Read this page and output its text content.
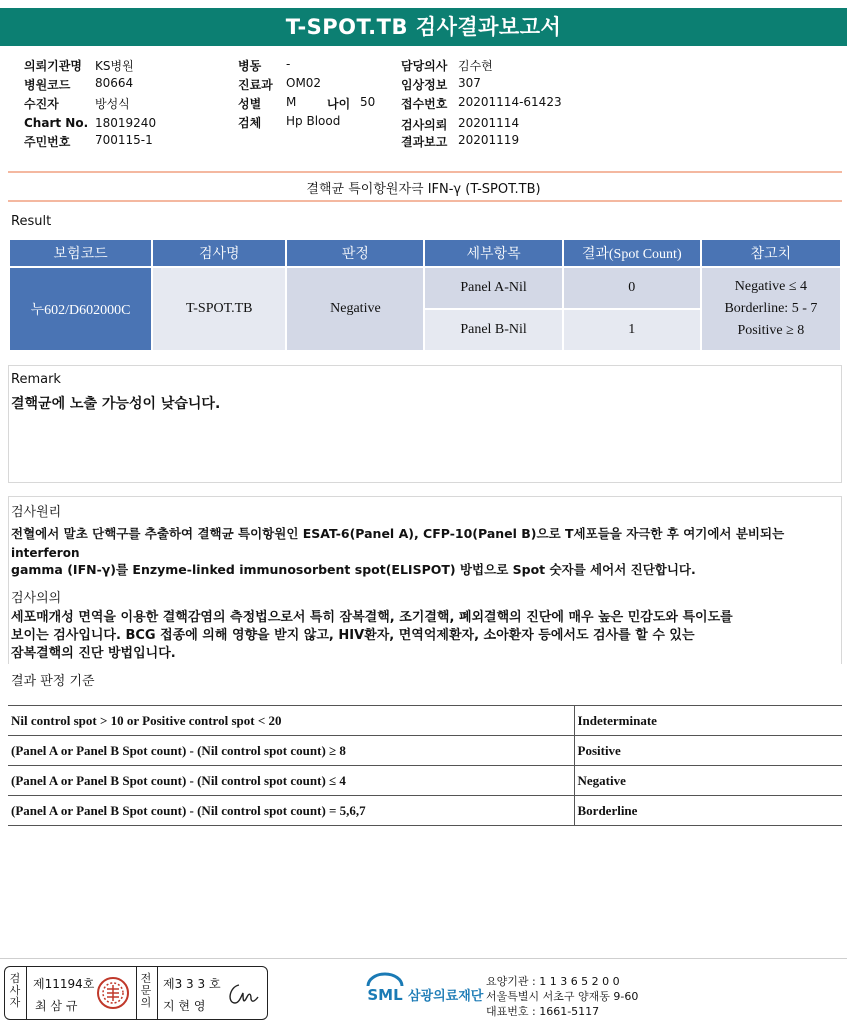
T-SPOT.TB 검사결과보고서
의뢰기관명 KS병원
병원코드 80664
수진자	방성식
Chart No. 18019240
주민번호 700115-1
병동 -
진료과 OM02
성별 M	나이 50
검체 Hp Blood
담당의사 김수현
임상정보 307
접수번호 20201114-61423
검사의뢰 20201114
결과보고 20201119
결핵균 특이항원자극 IFN-γ (T-SPOT.TB)
Result
보험코드	검사명	판정	세부항목	결과(Spot Count)	참고치
누602/D602000C	T-SPOT.TB	Negative	Panel A-Nil	0	Negative ≤ 4
Borderline: 5 - 7
Positive ≥ 8

			Panel B-Nil	1	
Remark
결핵균에 노출 가능성이 낮습니다.
검사원리
전혈에서 말초 단핵구를 추출하여 결핵균 특이항원인 ESAT-6(Panel A), CFP-10(Panel B)으로 T세포들을 자극한 후 여기에서 분비되는
interferon
gamma (IFN-γ)를 Enzyme-linked immunosorbent spot(ELISPOT) 방법으로 Spot 숫자를 세어서 진단합니다.
검사의의
세포매개성 면역을 이용한 결핵감염의 측정법으로서 특히 잠복결핵, 조기결핵, 폐외결핵의 진단에 매우 높은 민감도와 특이도를
보이는 검사입니다. BCG 접종에 의해 영향을 받지 않고, HIV환자, 면역억제환자, 소아환자 등에서도 검사를 할 수 있는
잠복결핵의 진단 방법입니다.
결과 판정 기준
Nil control spot > 10 or Positive control spot < 20	Indeterminate
(Panel A or Panel B Spot count) - (Nil control spot count) ≥ 8	Positive
(Panel A or Panel B Spot count) - (Nil control spot count) ≤ 4	Negative
(Panel A or Panel B Spot count) - (Nil control spot count) = 5,6,7	Borderline
검
사
자
제11194호
최 삼 규
전
문
의
제3 3 3 호
지 현 영
SML 삼광의료재단
요양기관 : 1 1 3 6 5 2 0 0
서울특별시 서초구 양재동 9-60
대표번호 : 1661-5117
